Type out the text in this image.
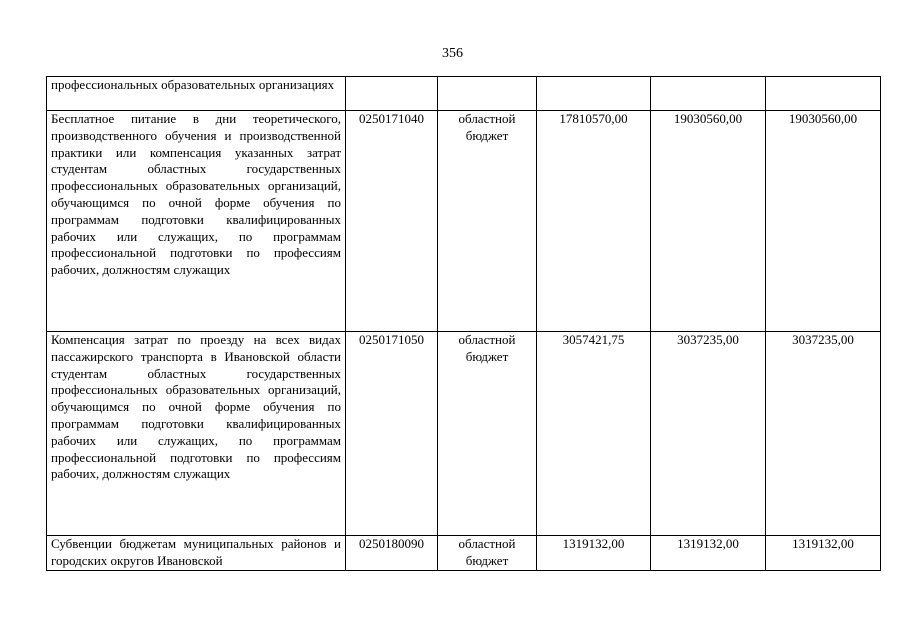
356
профессиональных образовательных организациях					
Бесплатное питание в дни теоретического, производственного обучения и производственной практики или компенсация указанных затрат студентам областных государственных профессиональных образовательных организаций, обучающимся по очной форме обучения по программам подготовки квалифицированных рабочих или служащих, по программам профессиональной подготовки по профессиям рабочих, должностям служащих	0250171040	областной бюджет	17810570,00	19030560,00	19030560,00
Компенсация затрат по проезду на всех видах пассажирского транспорта в Ивановской области студентам областных государственных профессиональных образовательных организаций, обучающимся по очной форме обучения по программам подготовки квалифицированных рабочих или служащих, по программам профессиональной подготовки по профессиям рабочих, должностям служащих	0250171050	областной бюджет	3057421,75	3037235,00	3037235,00
Субвенции бюджетам муниципальных районов и городских округов Ивановской	0250180090	областной бюджет	1319132,00	1319132,00	1319132,00
